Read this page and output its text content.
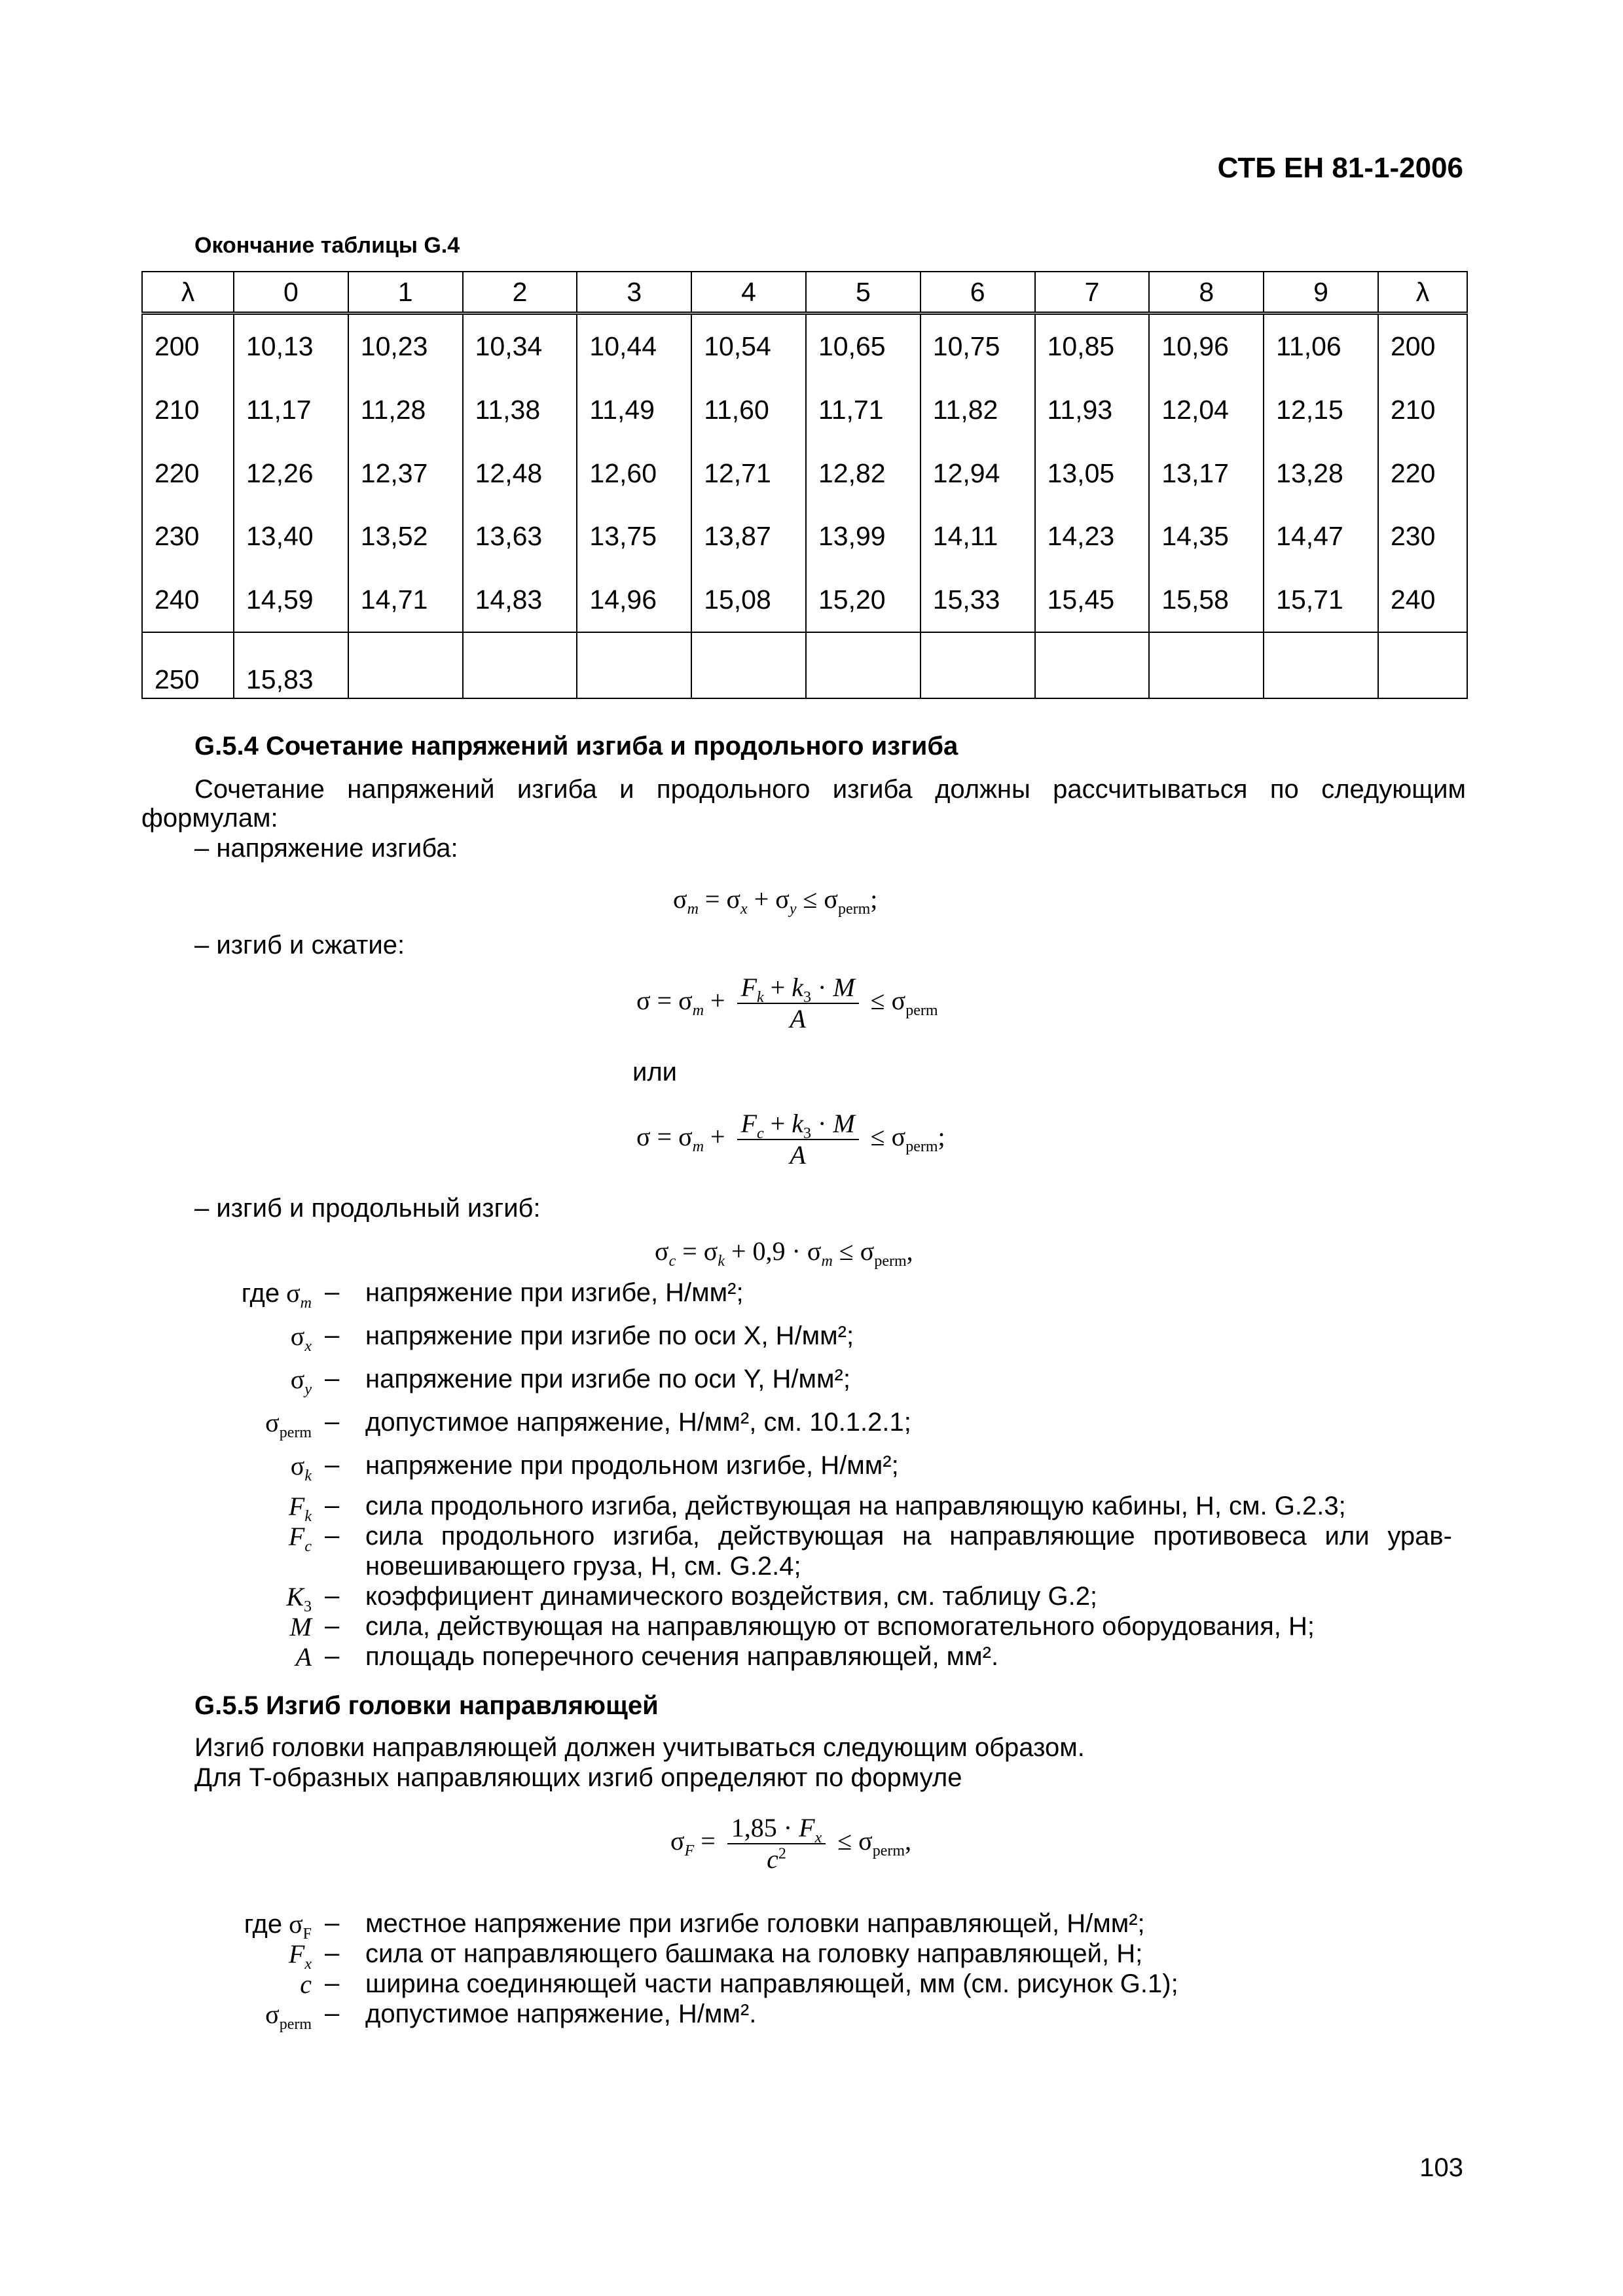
СТБ ЕН 81-1-2006
Окончание таблицы G.4
λ	0	1	2	3	4	5	6	7	8	9	λ
200	10,13	10,23	10,34	10,44	10,54	10,65	10,75	10,85	10,96	11,06	200
210	11,17	11,28	11,38	11,49	11,60	11,71	11,82	11,93	12,04	12,15	210
220	12,26	12,37	12,48	12,60	12,71	12,82	12,94	13,05	13,17	13,28	220
230	13,40	13,52	13,63	13,75	13,87	13,99	14,11	14,23	14,35	14,47	230
240	14,59	14,71	14,83	14,96	15,08	15,20	15,33	15,45	15,58	15,71	240
250	15,83										
G.5.4 Сочетание напряжений изгиба и продольного изгиба
Сочетание напряжений изгиба и продольного изгиба должны рассчитываться по следующим
формулам:
– напряжение изгиба:
$\sigma_m = \sigma_x + \sigma_y \le \sigma_{perm}$;
– изгиб и сжатие:
$\sigma = \sigma_m + \frac{F_k + k_3 \cdot M}{A} \le \sigma_{perm}$
или
$\sigma = \sigma_m + \frac{F_c + k_3 \cdot M}{A} \le \sigma_{perm}$;
– изгиб и продольный изгиб:
$\sigma_c = \sigma_k + 0,9 \cdot \sigma_m \le \sigma_{perm}$,
где $\sigma_m$ – напряжение при изгибе, Н/мм²;
$\sigma_x$ – напряжение при изгибе по оси X, Н/мм²;
$\sigma_y$ – напряжение при изгибе по оси Y, Н/мм²;
$\sigma_{perm}$ – допустимое напряжение, Н/мм², см. 10.1.2.1;
$\sigma_k$ – напряжение при продольном изгибе, Н/мм²;
$F_k$ – сила продольного изгиба, действующая на направляющую кабины, Н, см. G.2.3;
$F_c$ – сила продольного изгиба, действующая на направляющие противовеса или урав-
новешивающего груза, Н, см. G.2.4;
$K_3$ – коэффициент динамического воздействия, см. таблицу G.2;
M – сила, действующая на направляющую от вспомогательного оборудования, Н;
A – площадь поперечного сечения направляющей, мм².
G.5.5 Изгиб головки направляющей
Изгиб головки направляющей должен учитываться следующим образом.
Для T-образных направляющих изгиб определяют по формуле
$\sigma_F = \frac{1,85 \cdot F_x}{c^2} \le \sigma_{perm}$,
где $\sigma_F$ – местное напряжение при изгибе головки направляющей, Н/мм²;
$F_x$ – сила от направляющего башмака на головку направляющей, Н;
c – ширина соединяющей части направляющей, мм (см. рисунок G.1);
$\sigma_{perm}$ – допустимое напряжение, Н/мм².
103
